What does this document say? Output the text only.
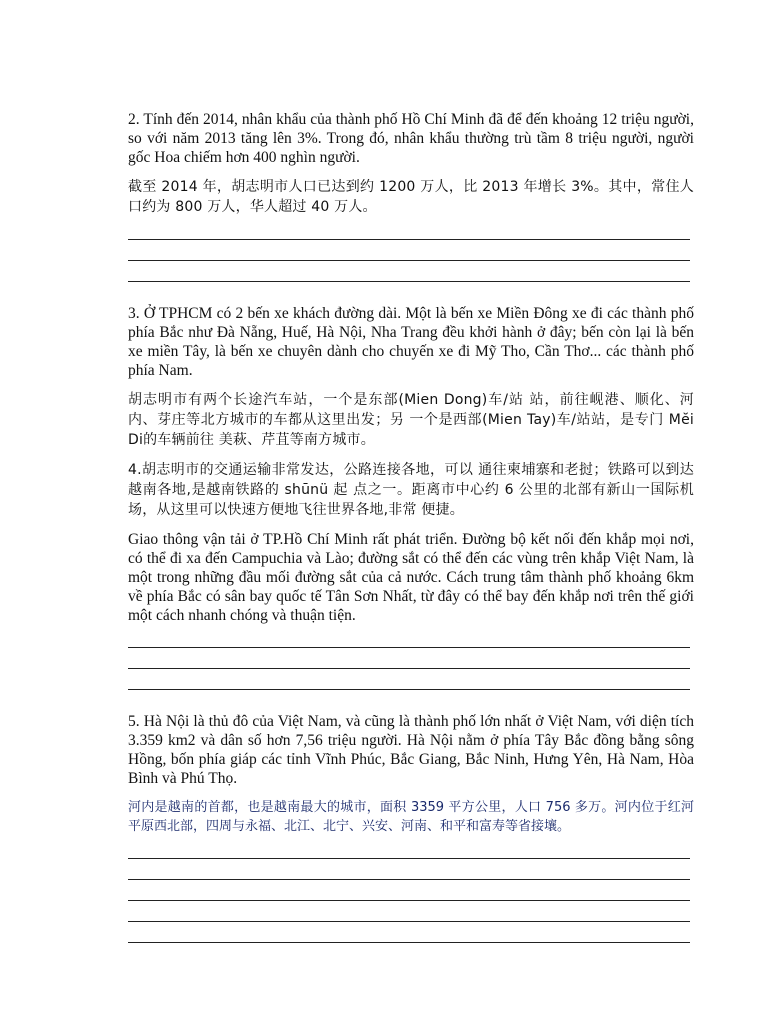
2. Tính đến 2014, nhân khẩu của thành phố Hồ Chí Minh đã để đến khoảng 12 triệu người, so với năm 2013 tăng lên 3%. Trong đó, nhân khẩu thường trù tầm 8 triệu người, người gốc Hoa chiếm hơn 400 nghìn người.

截至 2014 年，胡志明市人口已达到约 1200 万人，比 2013 年增长 3%。其中，常住人口约为 800 万人，华人超过 40 万人。

3. Ở TPHCM có 2 bến xe khách đường dài. Một là bến xe Miền Đông xe đi các thành phố phía Bắc như Đà Nẵng, Huế, Hà Nội, Nha Trang đều khởi hành ở đây; bến còn lại là bến xe miền Tây, là bến xe chuyên dành cho chuyến xe đi Mỹ Tho, Cần Thơ... các thành phố phía Nam.

胡志明市有两个长途汽车站，一个是东部(Mien Dong)车/站 站，前往岘港、顺化、河内、芽庄等北方城市的车都从这里出发；另 一个是西部(Mien Tay)车/站站，是专门 Mĕi Di的车辆前往 美萩、芹苴等南方城市。

4.胡志明市的交通运输非常发达，公路连接各地，可以 通往柬埔寨和老挝；铁路可以到达越南各地,是越南铁路的 shūnü 起 点之一。距离市中心约 6 公里的北部有新山一国际机场，从这里可以快速方便地飞往世界各地,非常 便捷。

Giao thông vận tải ở TP.Hồ Chí Minh rất phát triển. Đường bộ kết nối đến khắp mọi nơi, có thể đi xa đến Campuchia và Lào; đường sắt có thể đến các vùng trên khắp Việt Nam, là một trong những đầu mối đường sắt của cả nước. Cách trung tâm thành phố khoảng 6km về phía Bắc có sân bay quốc tế Tân Sơn Nhất, từ đây có thể bay đến khắp nơi trên thế giới một cách nhanh chóng và thuận tiện.

5. Hà Nội là thủ đô của Việt Nam, và cũng là thành phố lớn nhất ở Việt Nam, với diện tích 3.359 km2 và dân số hơn 7,56 triệu người. Hà Nội nằm ở phía Tây Bắc đồng bằng sông Hồng, bốn phía giáp các tỉnh Vĩnh Phúc, Bắc Giang, Bắc Ninh, Hưng Yên, Hà Nam, Hòa Bình và Phú Thọ.

河内是越南的首都，也是越南最大的城市，面积 3359 平方公里，人口 756 多万。河内位于红河平原西北部，四周与永福、北江、北宁、兴安、河南、和平和富寿等省接壤。
